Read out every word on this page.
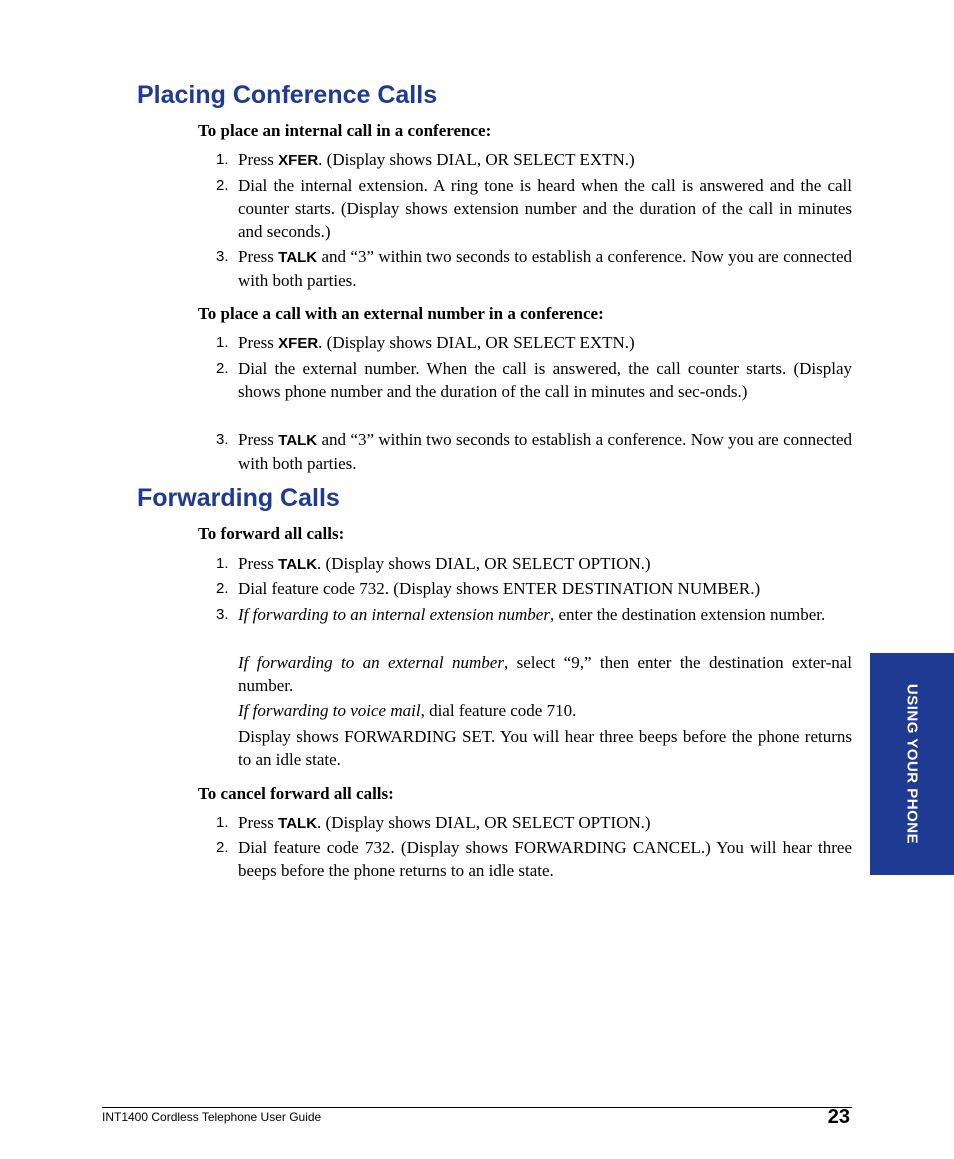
Placing Conference Calls

To place an internal call in a conference:

1. Press XFER. (Display shows DIAL, OR SELECT EXTN.)
2. Dial the internal extension. A ring tone is heard when the call is answered and the call counter starts. (Display shows extension number and the duration of the call in minutes and seconds.)
3. Press TALK and “3” within two seconds to establish a conference. Now you are connected with both parties.

To place a call with an external number in a conference:

1. Press XFER. (Display shows DIAL, OR SELECT EXTN.)
2. Dial the external number. When the call is answered, the call counter starts. (Display shows phone number and the duration of the call in minutes and sec-onds.)
3. Press TALK and “3” within two seconds to establish a conference. Now you are connected with both parties.
Forwarding Calls

To forward all calls:

1. Press TALK. (Display shows DIAL, OR SELECT OPTION.)
2. Dial feature code 732. (Display shows ENTER DESTINATION NUMBER.)
3. If forwarding to an internal extension number, enter the destination extension number.
If forwarding to an external number, select “9,” then enter the destination exter-nal number.
If forwarding to voice mail, dial feature code 710.
Display shows FORWARDING SET. You will hear three beeps before the phone returns to an idle state.

To cancel forward all calls:

1. Press TALK. (Display shows DIAL, OR SELECT OPTION.)
2. Dial feature code 732. (Display shows FORWARDING CANCEL.) You will hear three beeps before the phone returns to an idle state.
USING YOUR PHONE
INT1400 Cordless Telephone User Guide	23
